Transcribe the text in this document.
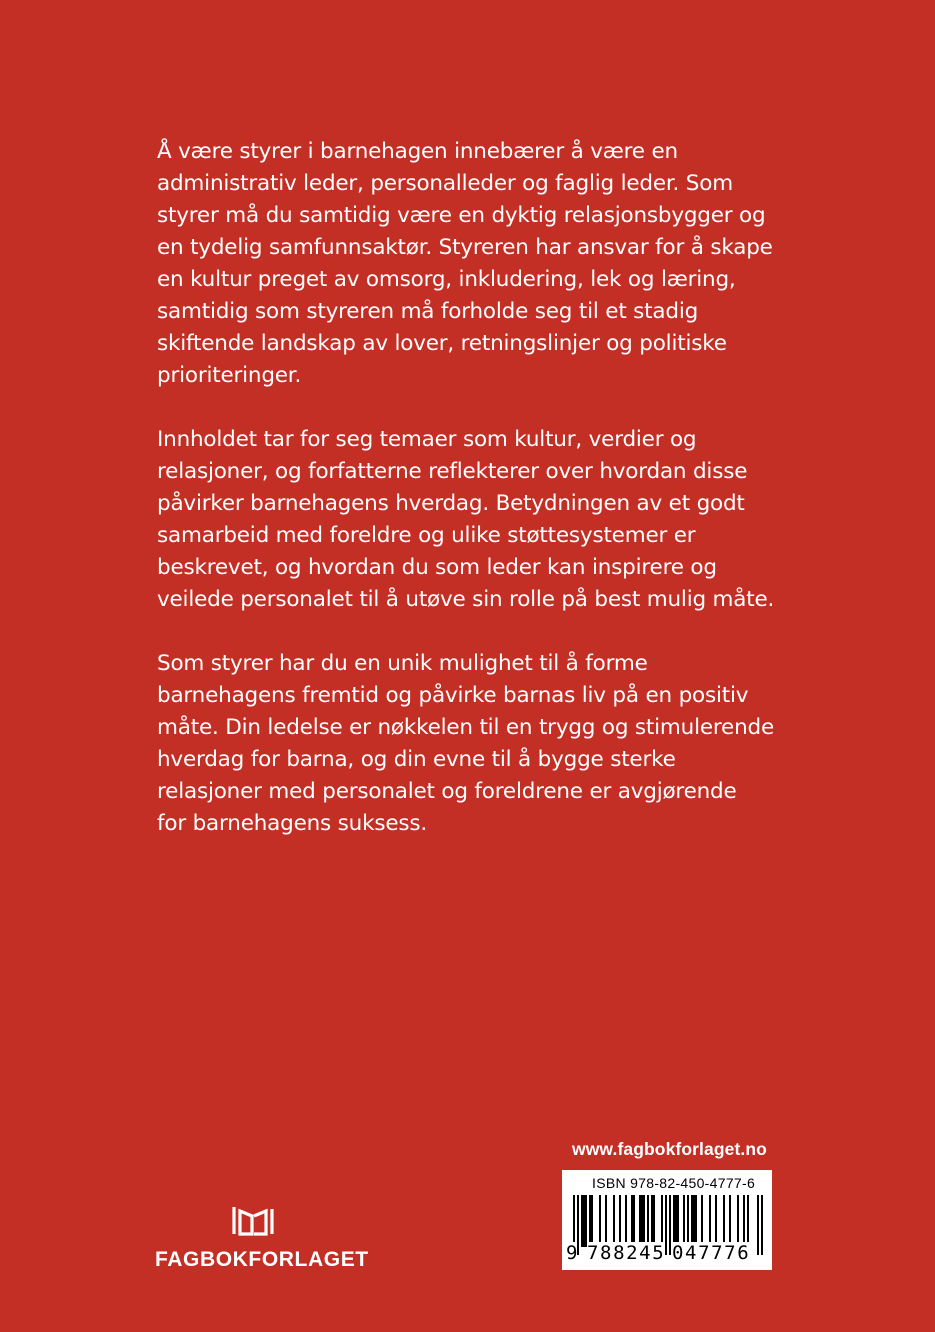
Å være styrer i barnehagen innebærer å være en
administrativ leder, personalleder og faglig leder. Som
styrer må du samtidig være en dyktig relasjonsbygger og
en tydelig samfunnsaktør. Styreren har ansvar for å skape
en kultur preget av omsorg, inkludering, lek og læring,
samtidig som styreren må forholde seg til et stadig
skiftende landskap av lover, retningslinjer og politiske
prioriteringer.

Innholdet tar for seg temaer som kultur, verdier og
relasjoner, og forfatterne reflekterer over hvordan disse
påvirker barnehagens hverdag. Betydningen av et godt
samarbeid med foreldre og ulike støttesystemer er
beskrevet, og hvordan du som leder kan inspirere og
veilede personalet til å utøve sin rolle på best mulig måte.

Som styrer har du en unik mulighet til å forme
barnehagens fremtid og påvirke barnas liv på en positiv
måte. Din ledelse er nøkkelen til en trygg og stimulerende
hverdag for barna, og din evne til å bygge sterke
relasjoner med personalet og foreldrene er avgjørende
for barnehagens suksess.

FAGBOKFORLAGET
www.fagbokforlaget.no
ISBN 978-82-450-4777-6
9 788245 047776
